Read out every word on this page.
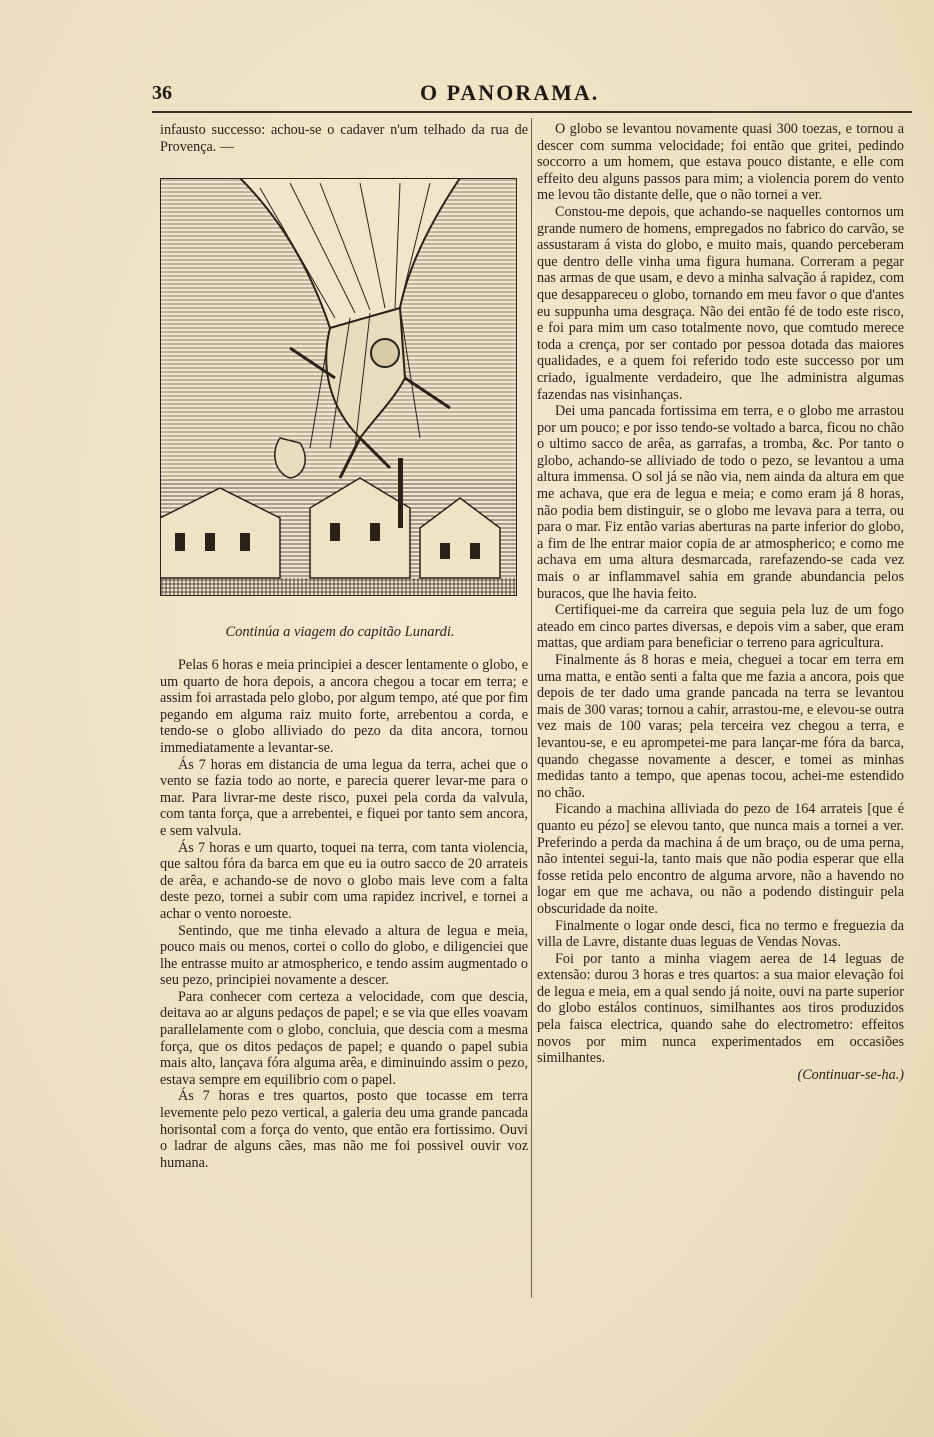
36	O PANORAMA.

infausto successo: achou-se o cadaver n'um telhado da rua de Provença. —

Continúa a viagem do capitão Lunardi.

Pelas 6 horas e meia principiei a descer lentamente o globo, e um quarto de hora depois, a ancora chegou a tocar em terra; e assim foi arrastada pelo globo, por algum tempo, até que por fim pegando em alguma raiz muito forte, arrebentou a corda, e tendo-se o globo alliviado do pezo da dita ancora, tornou immediatamente a levantar-se.

Ás 7 horas em distancia de uma legua da terra, achei que o vento se fazia todo ao norte, e parecia querer levar-me para o mar. Para livrar-me deste risco, puxei pela corda da valvula, com tanta força, que a arrebentei, e fiquei por tanto sem ancora, e sem valvula.

Ás 7 horas e um quarto, toquei na terra, com tanta violencia, que saltou fóra da barca em que eu ia outro sacco de 20 arrateis de arêa, e achando-se de novo o globo mais leve com a falta deste pezo, tornei a subir com uma rapidez incrivel, e tornei a achar o vento noroeste.

Sentindo, que me tinha elevado a altura de legua e meia, pouco mais ou menos, cortei o collo do globo, e diligenciei que lhe entrasse muito ar atmospherico, e tendo assim augmentado o seu pezo, principiei novamente a descer.

Para conhecer com certeza a velocidade, com que descia, deitava ao ar alguns pedaços de papel; e se via que elles voavam parallelamente com o globo, concluia, que descia com a mesma força, que os ditos pedaços de papel; e quando o papel subia mais alto, lançava fóra alguma arêa, e diminuindo assim o pezo, estava sempre em equilibrio com o papel.

Ás 7 horas e tres quartos, posto que tocasse em terra levemente pelo pezo vertical, a galeria deu uma grande pancada horisontal com a força do vento, que então era fortissimo. Ouvi o ladrar de alguns cães, mas não me foi possivel ouvir voz humana.

O globo se levantou novamente quasi 300 toezas, e tornou a descer com summa velocidade; foi então que gritei, pedindo soccorro a um homem, que estava pouco distante, e elle com effeito deu alguns passos para mim; a violencia porem do vento me levou tão distante delle, que o não tornei a ver.

Constou-me depois, que achando-se naquelles contornos um grande numero de homens, empregados no fabrico do carvão, se assustaram á vista do globo, e muito mais, quando perceberam que dentro delle vinha uma figura humana. Correram a pegar nas armas de que usam, e devo a minha salvação á rapidez, com que desappareceu o globo, tornando em meu favor o que d'antes eu suppunha uma desgraça. Não dei então fé de todo este risco, e foi para mim um caso totalmente novo, que comtudo merece toda a crença, por ser contado por pessoa dotada das maiores qualidades, e a quem foi referido todo este successo por um criado, igualmente verdadeiro, que lhe administra algumas fazendas nas visinhanças.

Dei uma pancada fortissima em terra, e o globo me arrastou por um pouco; e por isso tendo-se voltado a barca, ficou no chão o ultimo sacco de arêa, as garrafas, a tromba, &c. Por tanto o globo, achando-se alliviado de todo o pezo, se levantou a uma altura immensa. O sol já se não via, nem ainda da altura em que me achava, que era de legua e meia; e como eram já 8 horas, não podia bem distinguir, se o globo me levava para a terra, ou para o mar. Fiz então varias aberturas na parte inferior do globo, a fim de lhe entrar maior copia de ar atmospherico; e como me achava em uma altura desmarcada, rarefazendo-se cada vez mais o ar inflammavel sahia em grande abundancia pelos buracos, que lhe havia feito.

Certifiquei-me da carreira que seguia pela luz de um fogo ateado em cinco partes diversas, e depois vim a saber, que eram mattas, que ardiam para beneficiar o terreno para agricultura.

Finalmente ás 8 horas e meia, cheguei a tocar em terra em uma matta, e então senti a falta que me fazia a ancora, pois que depois de ter dado uma grande pancada na terra se levantou mais de 300 varas; tornou a cahir, arrastou-me, e elevou-se outra vez mais de 100 varas; pela terceira vez chegou a terra, e levantou-se, e eu aprompetei-me para lançar-me fóra da barca, quando chegasse novamente a descer, e tomei as minhas medidas tanto a tempo, que apenas tocou, achei-me estendido no chão.

Ficando a machina alliviada do pezo de 164 arrateis [que é quanto eu pézo] se elevou tanto, que nunca mais a tornei a ver. Preferindo a perda da machina á de um braço, ou de uma perna, não intentei segui-la, tanto mais que não podia esperar que ella fosse retida pelo encontro de alguma arvore, não a havendo no logar em que me achava, ou não a podendo distinguir pela obscuridade da noite.

Finalmente o logar onde desci, fica no termo e freguezia da villa de Lavre, distante duas leguas de Vendas Novas.

Foi por tanto a minha viagem aerea de 14 leguas de extensão: durou 3 horas e tres quartos: a sua maior elevação foi de legua e meia, em a qual sendo já noite, ouvi na parte superior do globo estálos continuos, similhantes aos tiros produzidos pela faisca electrica, quando sahe do electrometro: effeitos novos por mim nunca experimentados em occasiões similhantes.

(Continuar-se-ha.)
